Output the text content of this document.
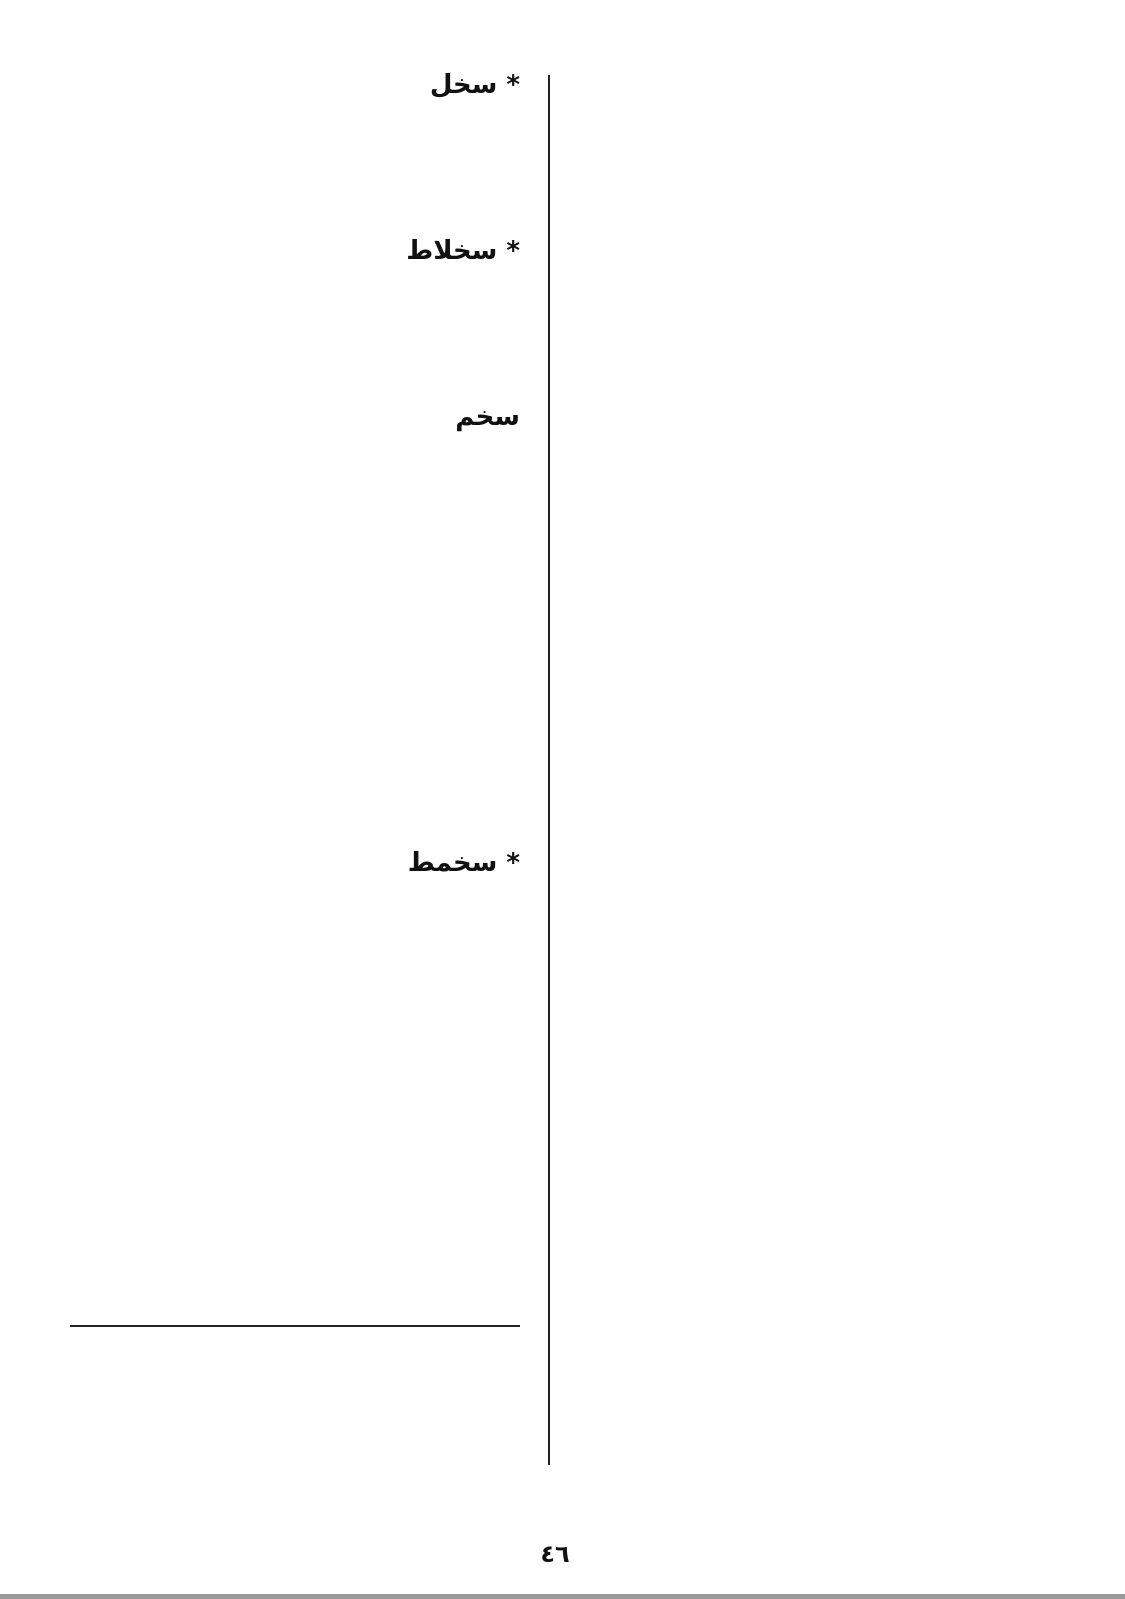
* سخل
* سخلاط
سخم
* سخمط
٤٦
